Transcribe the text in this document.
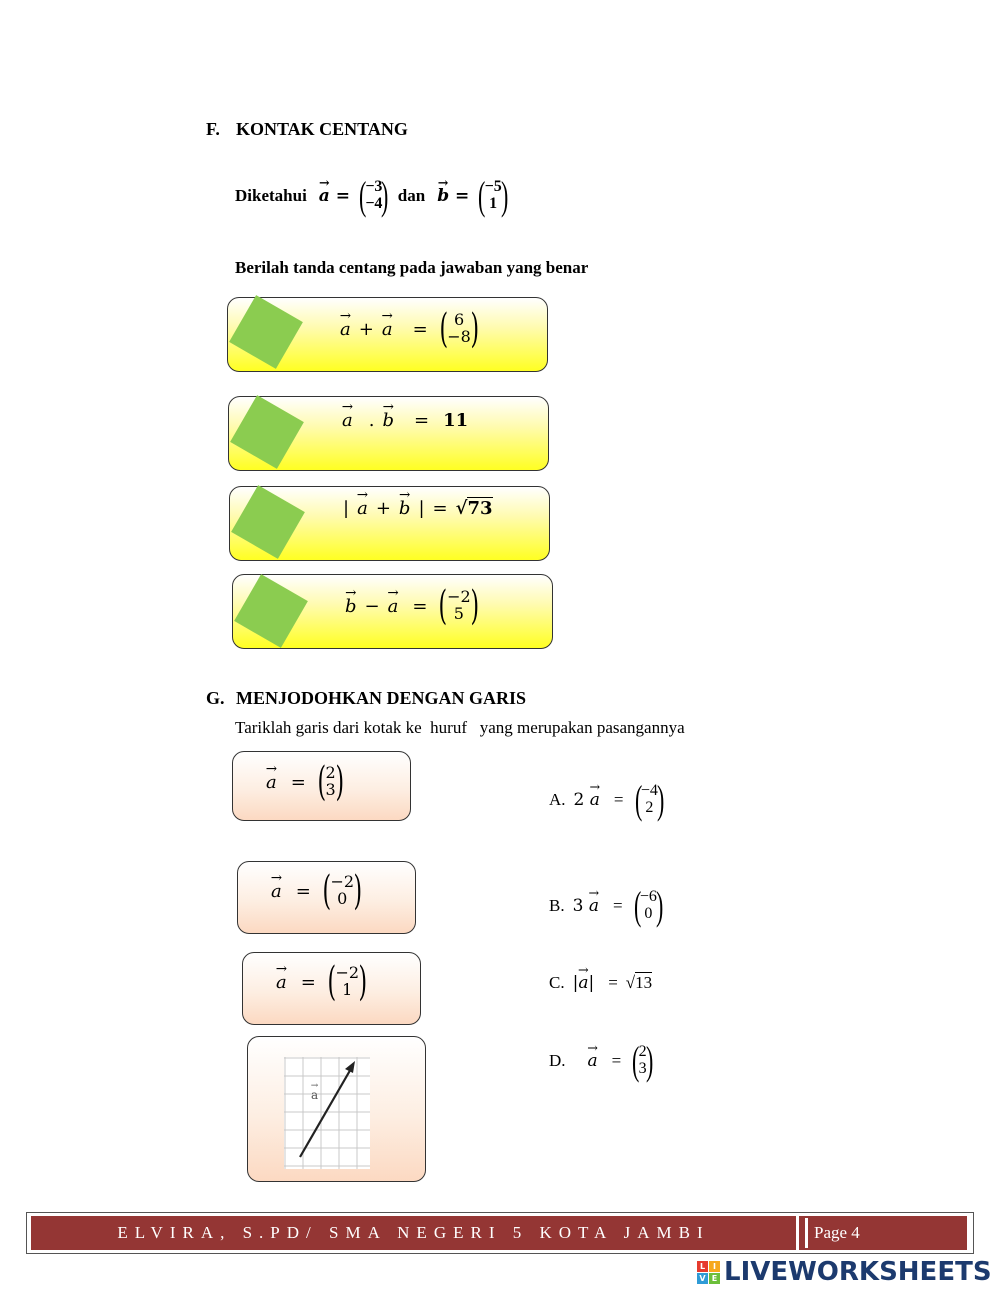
F. KONTAK CENTANG
Diketahui → a = (
−3
−4
) dan → b = (
−5
1 )
Berilah tanda centang pada jawaban yang benar
→ a + → a = ( 6
−8 )
→ a . → b = 11
| → a + → b | = √73
→ b − → a = ( −2
5 )
G. MENJODOHKAN DENGAN GARIS
Tariklah garis dari kotak ke  huruf   yang merupakan pasangannya
→ a = ( 2
3 )
→ a = ( −2
0 )
→ a = ( −2
1 )
→ a
A. 2 → a = (
−4
2 )
B. 3 → a = (
−6
0 )
C. |→ a| = √13
D. → a = (
2
3
)
ELVIRA, S.PD/ SMA NEGERI 5 KOTA JAMBI	Page 4
L I
V E LIVEWORKSHEETS
